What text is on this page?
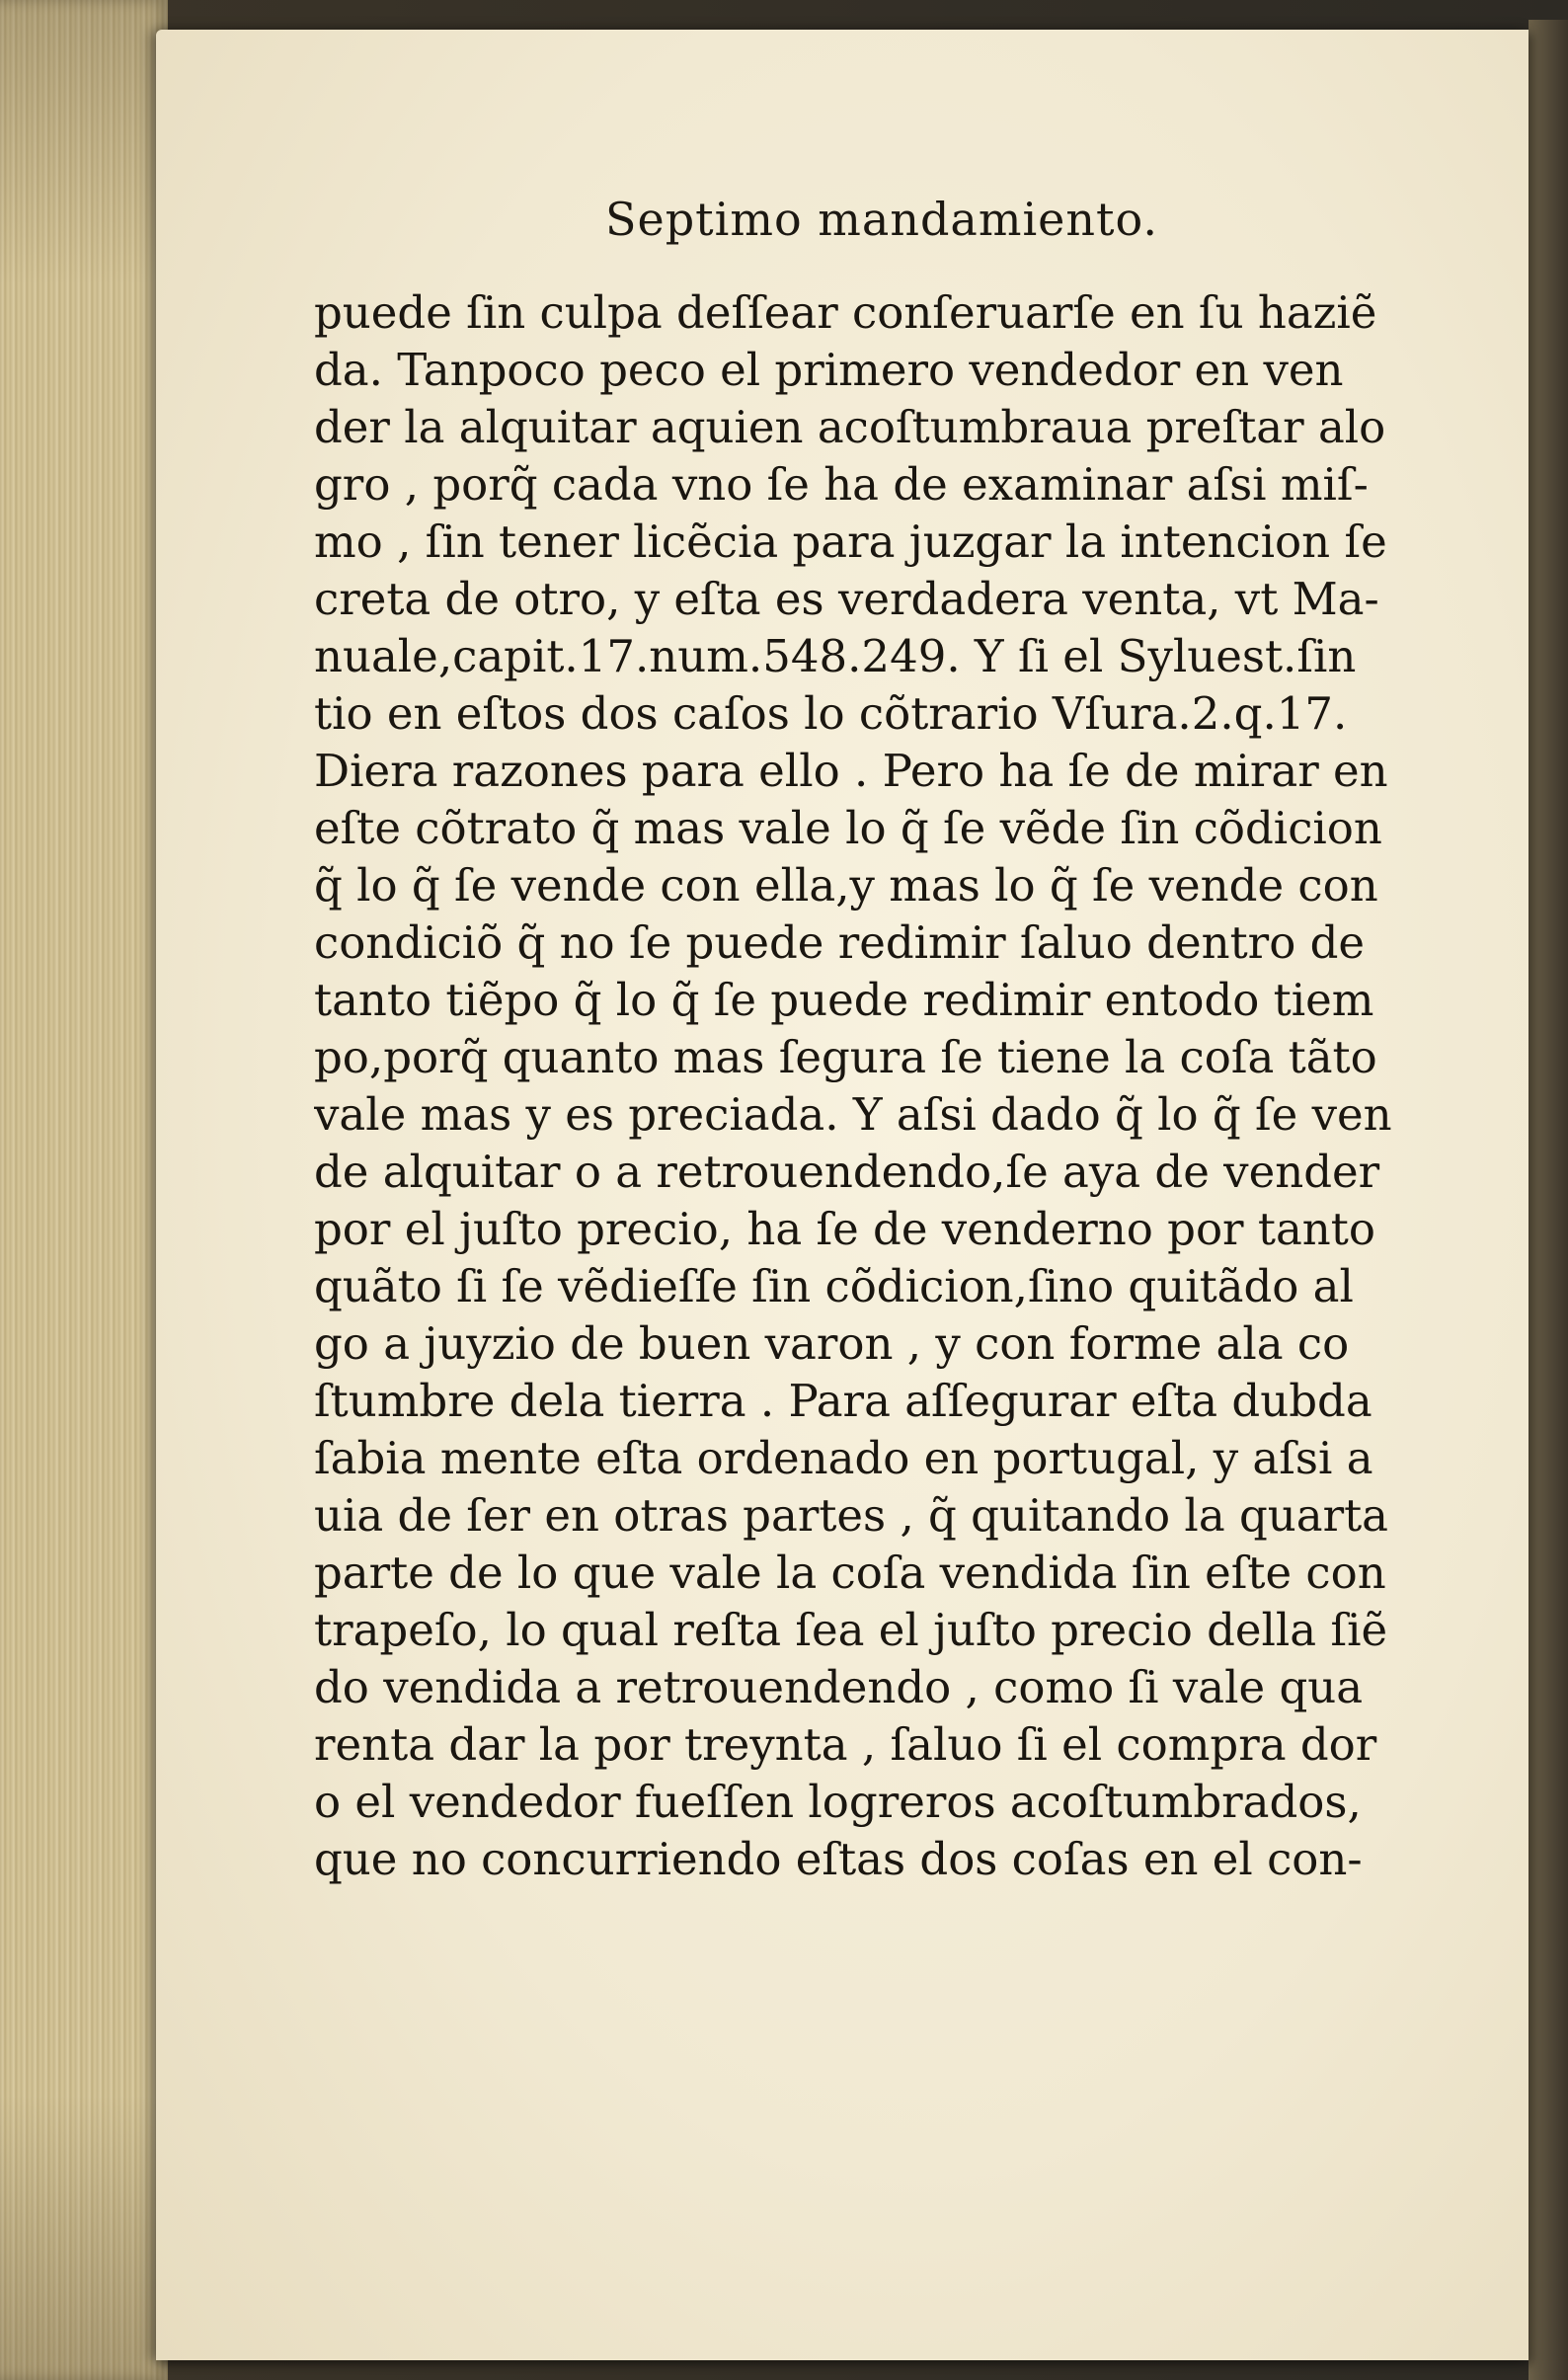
Septimo mandamiento.
puede ſin culpa deſſear conſeruarſe en ſu haziẽ
da. Tanpoco peco el primero vendedor en ven
der la alquitar aquien acoſtumbraua preſtar alo
gro , porq̃ cada vno ſe ha de examinar aſsi miſ-
mo , ſin tener licẽcia para juzgar la intencion ſe
creta de otro, y eſta es verdadera venta, vt Ma-
nuale,capit.17.num.548.249. Y ſi el Syluest.ſin
tio en eſtos dos caſos lo cõtrario Vſura.2.q.17.
Diera razones para ello . Pero ha ſe de mirar en
eſte cõtrato q̃ mas vale lo q̃ ſe vẽde ſin cõdicion
q̃ lo q̃ ſe vende con ella,y mas lo q̃ ſe vende con
condiciõ q̃ no ſe puede redimir ſaluo dentro de
tanto tiẽpo q̃ lo q̃ ſe puede redimir entodo tiem
po,porq̃ quanto mas ſegura ſe tiene la coſa tãto
vale mas y es preciada. Y aſsi dado q̃ lo q̃ ſe ven
de alquitar o a retrouendendo,ſe aya de vender
por el juſto precio, ha ſe de venderno por tanto
quãto ſi ſe vẽdieſſe ſin cõdicion,ſino quitãdo al
go a juyzio de buen varon , y con forme ala co
ſtumbre dela tierra . Para aſſegurar eſta dubda
ſabia mente eſta ordenado en portugal, y aſsi a
uia de ſer en otras partes , q̃ quitando la quarta
parte de lo que vale la coſa vendida ſin eſte con
trapeſo, lo qual reſta ſea el juſto precio della ſiẽ
do vendida a retrouendendo , como ſi vale qua
renta dar la por treynta , ſaluo ſi el compra dor
o el vendedor fueſſen logreros acoſtumbrados,
que no concurriendo eſtas dos coſas en el con-
